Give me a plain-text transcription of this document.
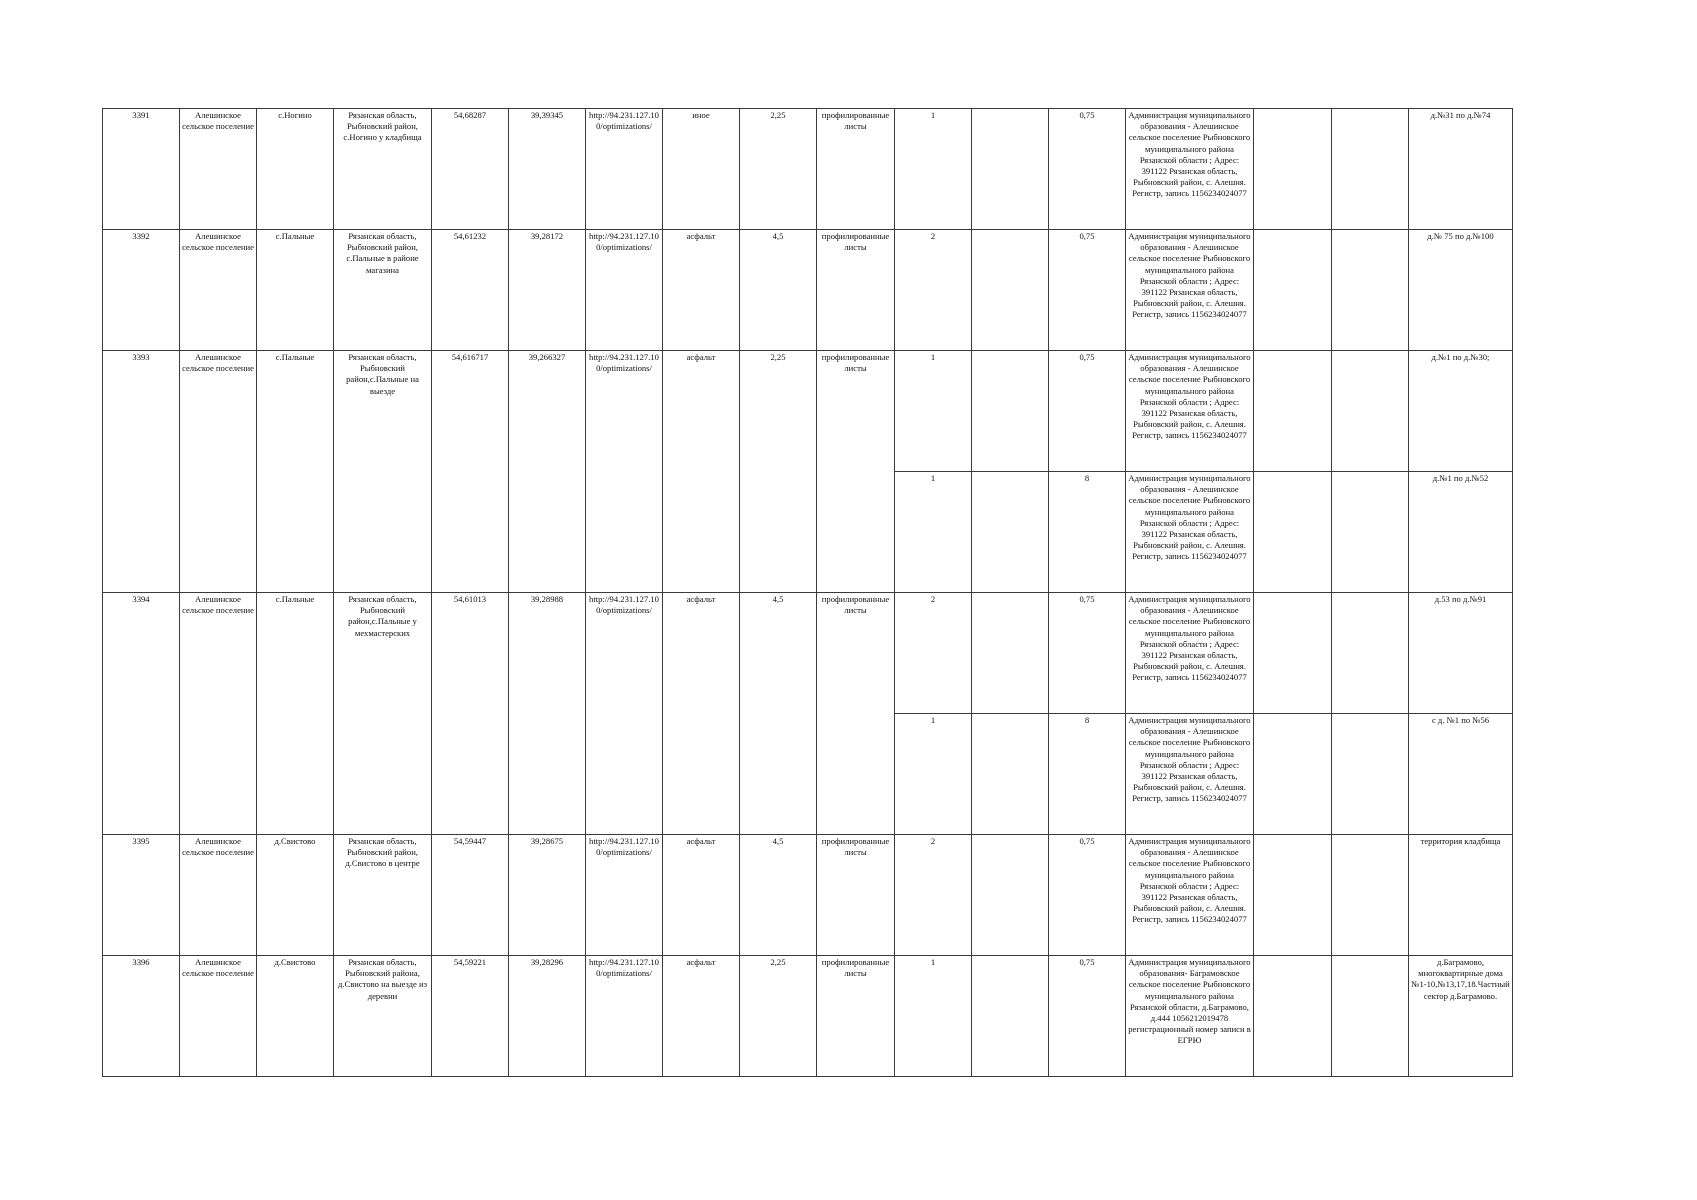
3391	Алешинское сельское поселение	с.Ногино	Рязанская область, Рыбновский район, с.Ногино у кладбища	54,68287	39,39345	http://94.231.127.100/optimizations/	иное	2,25	профилированные листы	1		0,75	Администрация муниципального образования - Алешинское сельское поселение Рыбновского муниципального района Рязанской области ; Адрес: 391122 Рязанская область, Рыбновский район, с. Алешня. Регистр, запись 1156234024077			д.№31 по д.№74
3392	Алешинское сельское поселение	с.Пальные	Рязанская область, Рыбновский район, с.Пальные в районе магазина	54,61232	39,28172	http://94.231.127.100/optimizations/	асфальт	4,5	профилированные листы	2		0,75	Администрация муниципального образования - Алешинское сельское поселение Рыбновского муниципального района Рязанской области ; Адрес: 391122 Рязанская область, Рыбновский район, с. Алешня. Регистр, запись 1156234024077			д.№ 75 по д.№100
3393	Алешинское сельское поселение	с.Пальные	Рязанская область, Рыбновский район,с.Пальные на выезде	54,616717	39,266327	http://94.231.127.100/optimizations/	асфальт	2,25	профилированные листы	1		0,75	Администрация муниципального образования - Алешинское сельское поселение Рыбновского муниципального района Рязанской области ; Адрес: 391122 Рязанская область, Рыбновский район, с. Алешня. Регистр, запись 1156234024077			д.№1 по д.№30;
										1		8	Администрация муниципального образования - Алешинское сельское поселение Рыбновского муниципального района Рязанской области ; Адрес: 391122 Рязанская область, Рыбновский район, с. Алешня. Регистр, запись 1156234024077			д.№1 по д.№52
3394	Алешинское сельское поселение	с.Пальные	Рязанская область, Рыбновский район,с.Пальные у мехмастерских	54,61013	39,28988	http://94.231.127.100/optimizations/	асфальт	4,5	профилированные листы	2		0,75	Администрация муниципального образования - Алешинское сельское поселение Рыбновского муниципального района Рязанской области ; Адрес: 391122 Рязанская область, Рыбновский район, с. Алешня. Регистр, запись 1156234024077			д.53 по д.№91
										1		8	Администрация муниципального образования - Алешинское сельское поселение Рыбновского муниципального района Рязанской области ; Адрес: 391122 Рязанская область, Рыбновский район, с. Алешня. Регистр, запись 1156234024077			с д. №1 по №56
3395	Алешинское сельское поселение	д.Свистово	Рязанская область, Рыбновский район, д.Свистово в центре	54,59447	39,28675	http://94.231.127.100/optimizations/	асфальт	4,5	профилированные листы	2		0,75	Администрация муниципального образования - Алешинское сельское поселение Рыбновского муниципального района Рязанской области ; Адрес: 391122 Рязанская область, Рыбновский район, с. Алешня. Регистр, запись 1156234024077			территория кладбища
3396	Алешинское сельское поселение	д.Свистово	Рязанская область, Рыбновский района, д.Свистово на выезде из деревни	54,59221	39,28296	http://94.231.127.100/optimizations/	асфальт	2,25	профилированные листы	1		0,75	Администрация муниципального образования- Баграмовское сельское поселение Рыбновского муниципального района Рязанской области, д.Баграмово, д.444 1056212019478 регистрационный номер записи в ЕГРЮ			д.Баграмово, многоквартирные дома №1-10,№13,17,18.Частный сектор д.Баграмово.
